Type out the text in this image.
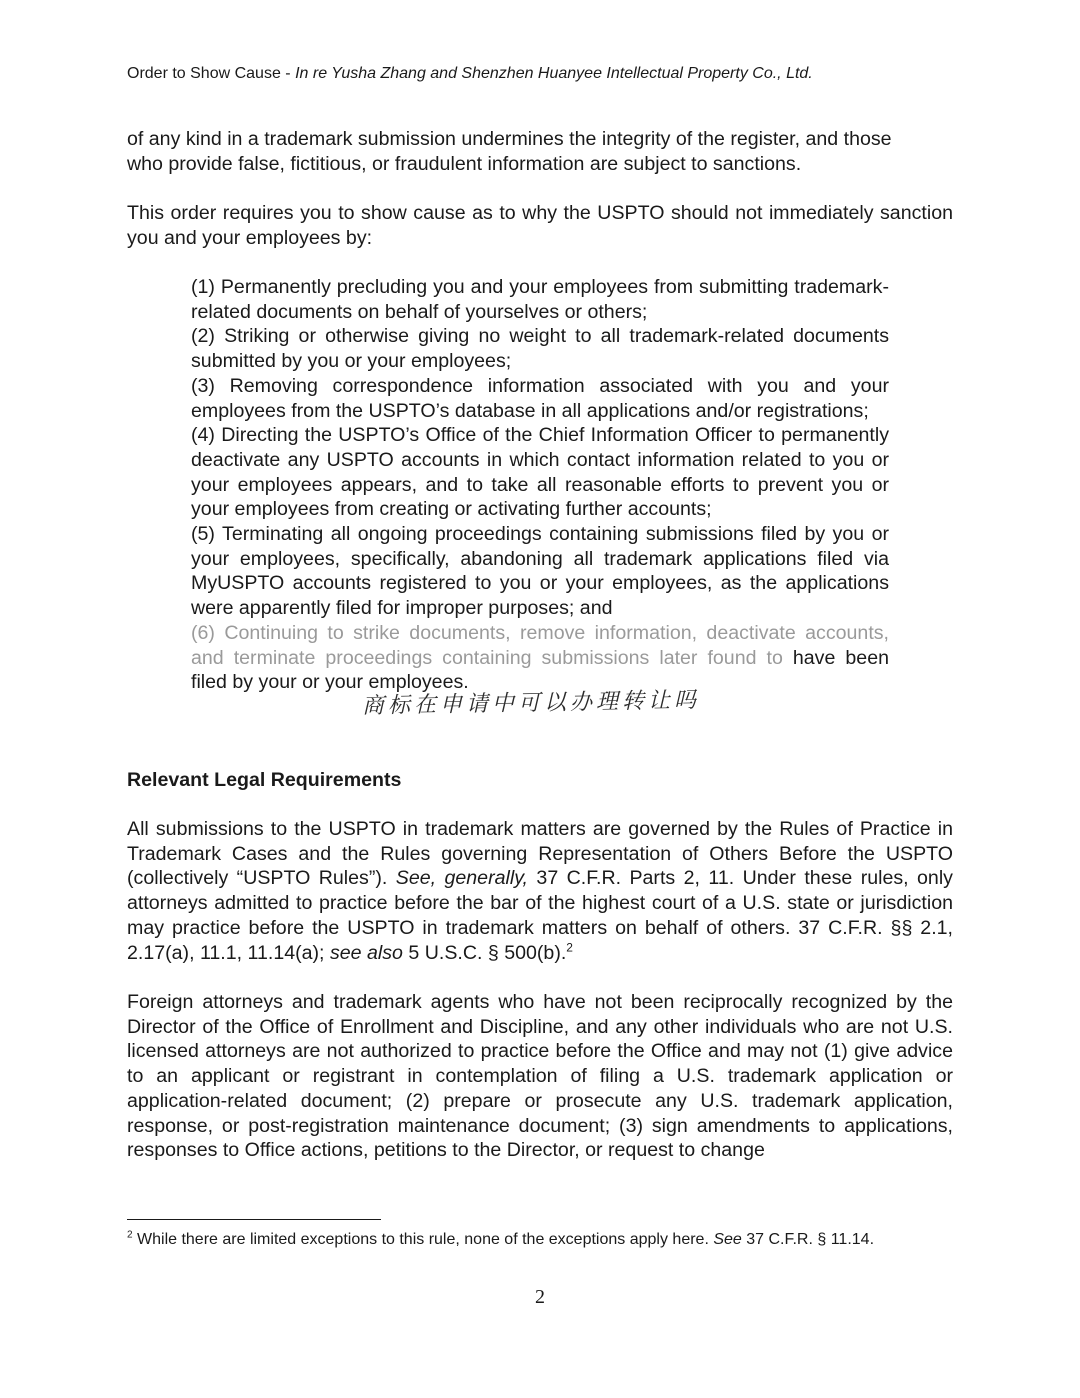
Order to Show Cause - In re Yusha Zhang and Shenzhen Huanyee Intellectual Property Co., Ltd.
of any kind in a trademark submission undermines the integrity of the register, and those
who provide false, fictitious, or fraudulent information are subject to sanctions.
This order requires you to show cause as to why the USPTO should not immediately sanction you and your employees by:
(1) Permanently precluding you and your employees from submitting trademark-related documents on behalf of yourselves or others;
(2) Striking or otherwise giving no weight to all trademark-related documents submitted by you or your employees;
(3) Removing correspondence information associated with you and your employees from the USPTO’s database in all applications and/or registrations;
(4) Directing the USPTO’s Office of the Chief Information Officer to permanently deactivate any USPTO accounts in which contact information related to you or your employees appears, and to take all reasonable efforts to prevent you or your employees from creating or activating further accounts;
(5) Terminating all ongoing proceedings containing submissions filed by you or your employees, specifically, abandoning all trademark applications filed via MyUSPTO accounts registered to you or your employees, as the applications were apparently filed for improper purposes; and
(6) Continuing to strike documents, remove information, deactivate accounts, and terminate proceedings containing submissions later found to have been filed by your or your employees.
商标在申请中可以办理转让吗
Relevant Legal Requirements
All submissions to the USPTO in trademark matters are governed by the Rules of Practice in Trademark Cases and the Rules governing Representation of Others Before the USPTO (collectively “USPTO Rules”). See, generally, 37 C.F.R. Parts 2, 11. Under these rules, only attorneys admitted to practice before the bar of the highest court of a U.S. state or jurisdiction may practice before the USPTO in trademark matters on behalf of others. 37 C.F.R. §§ 2.1, 2.17(a), 11.1, 11.14(a); see also 5 U.S.C. § 500(b).$^2$
Foreign attorneys and trademark agents who have not been reciprocally recognized by the Director of the Office of Enrollment and Discipline, and any other individuals who are not U.S. licensed attorneys are not authorized to practice before the Office and may not (1) give advice to an applicant or registrant in contemplation of filing a U.S. trademark application or application-related document; (2) prepare or prosecute any U.S. trademark application, response, or post-registration maintenance document; (3) sign amendments to applications, responses to Office actions, petitions to the Director, or request to change
$^2$ While there are limited exceptions to this rule, none of the exceptions apply here. See 37 C.F.R. § 11.14.
2
